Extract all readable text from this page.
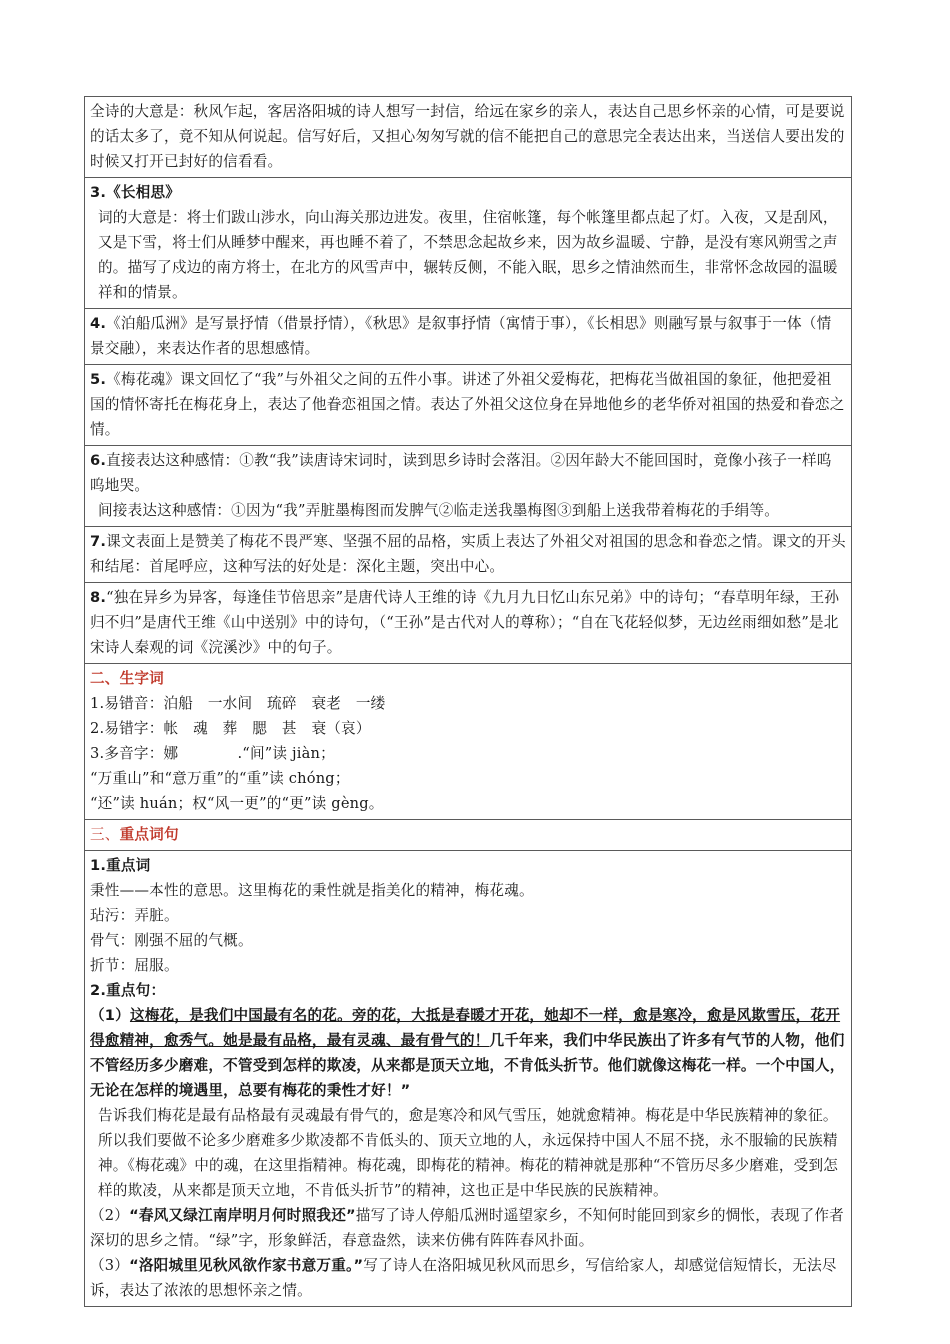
全诗的大意是：秋风乍起，客居洛阳城的诗人想写一封信，给远在家乡的亲人，表达自己思乡怀亲的心情，可是要说的话太多了，竟不知从何说起。信写好后，又担心匆匆写就的信不能把自己的意思完全表达出来，当送信人要出发的时候又打开已封好的信看看。

3.《长相思》

词的大意是：将士们跋山涉水，向山海关那边进发。夜里，住宿帐篷，每个帐篷里都点起了灯。入夜，又是刮风，又是下雪，将士们从睡梦中醒来，再也睡不着了，不禁思念起故乡来，因为故乡温暖、宁静，是没有寒风朔雪之声的。描写了戍边的南方将士，在北方的风雪声中，辗转反侧，不能入眠，思乡之情油然而生，非常怀念故园的温暖祥和的情景。

4.《泊船瓜洲》是写景抒情（借景抒情），《秋思》是叙事抒情（寓情于事），《长相思》则融写景与叙事于一体（情景交融），来表达作者的思想感情。

5.《梅花魂》课文回忆了“我”与外祖父之间的五件小事。讲述了外祖父爱梅花，把梅花当做祖国的象征，他把爱祖国的情怀寄托在梅花身上，表达了他眷恋祖国之情。表达了外祖父这位身在异地他乡的老华侨对祖国的热爱和眷恋之情。

6.直接表达这种感情：①教“我”读唐诗宋词时，读到思乡诗时会落泪。②因年龄大不能回国时，竟像小孩子一样呜呜地哭。

间接表达这种感情：①因为“我”弄脏墨梅图而发脾气②临走送我墨梅图③到船上送我带着梅花的手绢等。

7.课文表面上是赞美了梅花不畏严寒、坚强不屈的品格，实质上表达了外祖父对祖国的思念和眷恋之情。课文的开头和结尾：首尾呼应，这种写法的好处是：深化主题，突出中心。

8.“独在异乡为异客，每逢佳节倍思亲”是唐代诗人王维的诗《九月九日忆山东兄弟》中的诗句；“春草明年绿，王孙归不归”是唐代王维《山中送别》中的诗句，（“王孙”是古代对人的尊称）；“自在飞花轻似梦，无边丝雨细如愁”是北宋诗人秦观的词《浣溪沙》中的句子。

二、生字词

1.易错音：泊船　一水间　琉碎　衰老　一缕

2.易错字：帐　魂　葬　腮　甚　衰（哀）

3.多音字：娜　　　　.“间”读 jiàn；

“万重山”和“意万重”的“重”读 chóng；

“还”读 huán；权“风一更”的“更”读 gèng。

三、重点词句

1.重点词

秉性——本性的意思。这里梅花的秉性就是指美化的精神，梅花魂。

玷污：弄脏。

骨气：刚强不屈的气概。

折节：屈服。

2.重点句：

（1）这梅花，是我们中国最有名的花。旁的花，大抵是春暖才开花，她却不一样，愈是寒冷，愈是风欺雪压，花开得愈精神，愈秀气。她是最有品格，最有灵魂、最有骨气的！几千年来，我们中华民族出了许多有气节的人物，他们不管经历多少磨难，不管受到怎样的欺凌，从来都是顶天立地，不肯低头折节。他们就像这梅花一样。一个中国人，无论在怎样的境遇里，总要有梅花的秉性才好！”

告诉我们梅花是最有品格最有灵魂最有骨气的，愈是寒冷和风气雪压，她就愈精神。梅花是中华民族精神的象征。所以我们要做不论多少磨难多少欺凌都不肯低头的、顶天立地的人，永远保持中国人不屈不挠，永不服输的民族精神。《梅花魂》中的魂，在这里指精神。梅花魂，即梅花的精神。梅花的精神就是那种“不管历尽多少磨难，受到怎样的欺凌，从来都是顶天立地，不肯低头折节”的精神，这也正是中华民族的民族精神。

（2）“春风又绿江南岸明月何时照我还”描写了诗人停船瓜洲时遥望家乡，不知何时能回到家乡的惆怅，表现了作者深切的思乡之情。“绿”字，形象鲜活，春意盎然，读来仿佛有阵阵春风扑面。

（3）“洛阳城里见秋风欲作家书意万重。”写了诗人在洛阳城见秋风而思乡，写信给家人，却感觉信短情长，无法尽诉，表达了浓浓的思想怀亲之情。
